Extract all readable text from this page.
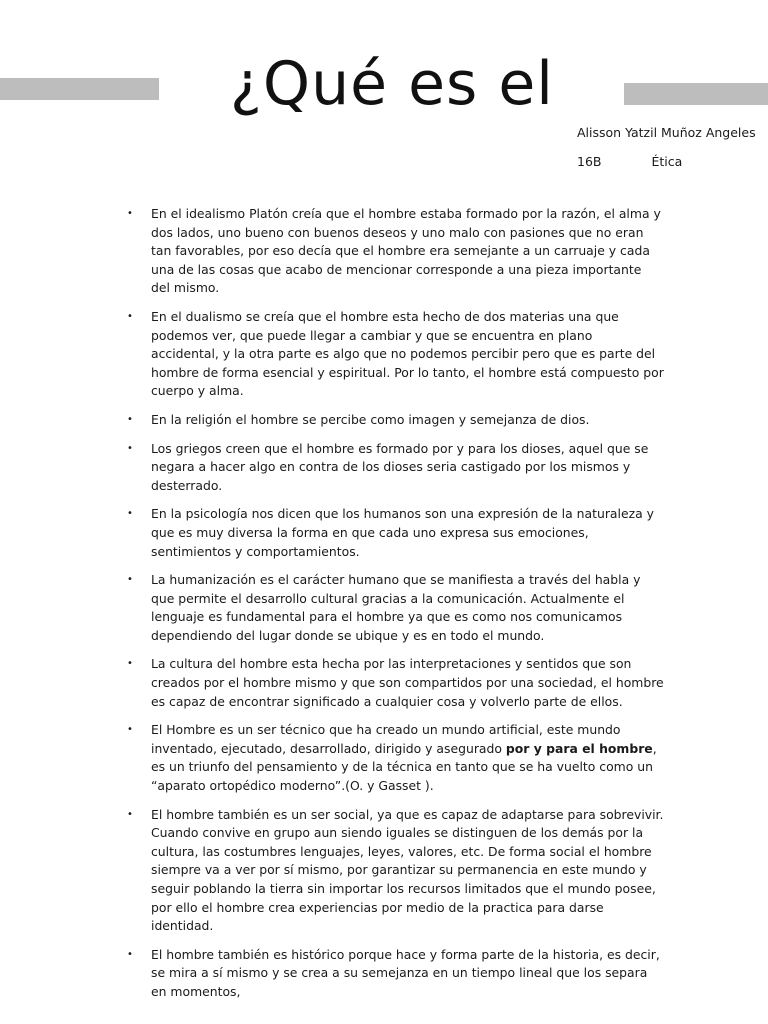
¿Qué es el
Alisson Yatzil Muñoz Angeles
16B	Ética
• En el idealismo Platón creía que el hombre estaba formado por la razón, el alma y dos lados, uno bueno con buenos deseos y uno malo con pasiones que no eran tan favorables, por eso decía que el hombre era semejante a un carruaje y cada una de las cosas que acabo de mencionar corresponde a una pieza importante del mismo.
• En el dualismo se creía que el hombre esta hecho de dos materias una que podemos ver, que puede llegar a cambiar y que se encuentra en plano accidental, y la otra parte es algo que no podemos percibir pero que es parte del hombre de forma esencial y espiritual. Por lo tanto, el hombre está compuesto por cuerpo y alma.
• En la religión el hombre se percibe como imagen y semejanza de dios.
• Los griegos creen que el hombre es formado por y para los dioses, aquel que se negara a hacer algo en contra de los dioses seria castigado por los mismos y desterrado.
• En la psicología nos dicen que los humanos son una expresión de la naturaleza y que es muy diversa la forma en que cada uno expresa sus emociones, sentimientos y comportamientos.
• La humanización es el carácter humano que se manifiesta a través del habla y que permite el desarrollo cultural gracias a la comunicación. Actualmente el lenguaje es fundamental para el hombre ya que es como nos comunicamos dependiendo del lugar donde se ubique y es en todo el mundo.
• La cultura del hombre esta hecha por las interpretaciones y sentidos que son creados por el hombre mismo y que son compartidos por una sociedad, el hombre es capaz de encontrar significado a cualquier cosa y volverlo parte de ellos.
• El Hombre es un ser técnico que ha creado un mundo artificial, este mundo inventado, ejecutado, desarrollado, dirigido y asegurado por y para el hombre, es un triunfo del pensamiento y de la técnica en tanto que se ha vuelto como un “aparato ortopédico moderno”.(O. y Gasset ).
• El hombre también es un ser social, ya que es capaz de adaptarse para sobrevivir. Cuando convive en grupo aun siendo iguales se distinguen de los demás por la cultura, las costumbres lenguajes, leyes, valores, etc. De forma social el hombre siempre va a ver por sí mismo, por garantizar su permanencia en este mundo y seguir poblando la tierra sin importar los recursos limitados que el mundo posee, por ello el hombre crea experiencias por medio de la practica para darse identidad.
• El hombre también es histórico porque hace y forma parte de la historia, es decir, se mira a sí mismo y se crea a su semejanza en un tiempo lineal que los separa en momentos,
